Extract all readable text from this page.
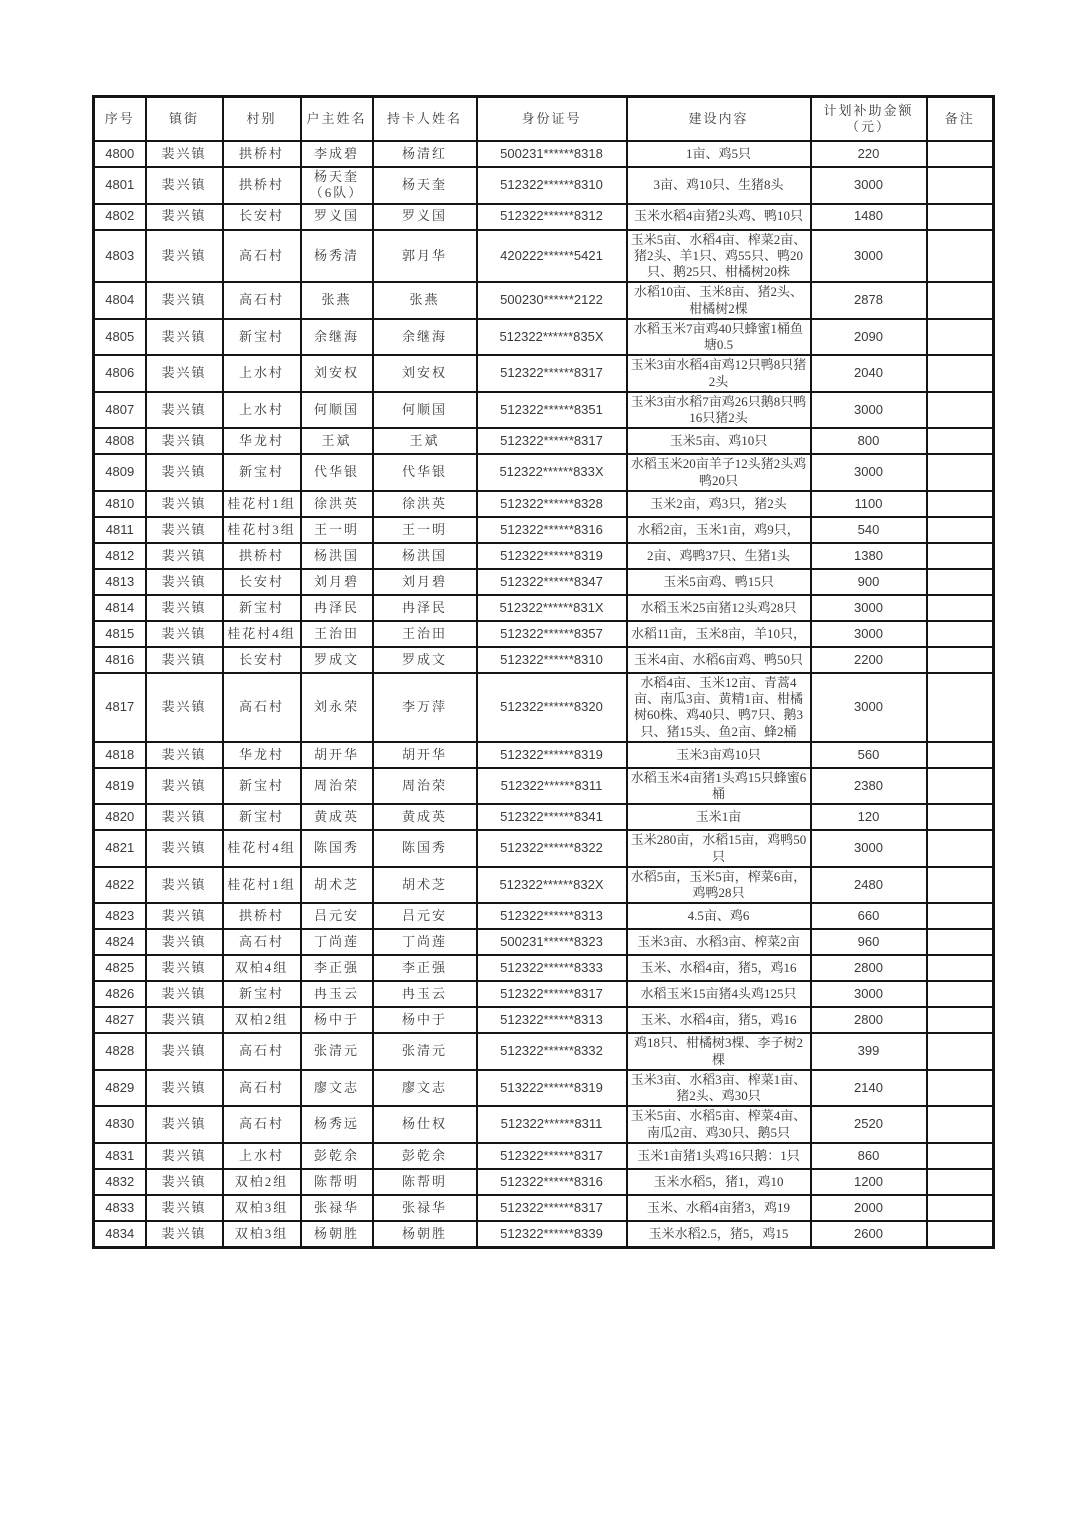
序号	镇街	村别	户主姓名	持卡人姓名	身份证号	建设内容	计划补助金额（元）	备注
4800	裴兴镇	拱桥村	李成碧	杨清红	500231******8318	1亩、鸡5只	220	
4801	裴兴镇	拱桥村	杨天奎（6队）	杨天奎	512322******8310	3亩、鸡10只、生猪8头	3000	
4802	裴兴镇	长安村	罗义国	罗义国	512322******8312	玉米水稻4亩猪2头鸡、鸭10只	1480	
4803	裴兴镇	高石村	杨秀清	郭月华	420222******5421	玉米5亩、水稻4亩、榨菜2亩、猪2头、羊1只、鸡55只、鸭20只、鹅25只、柑橘树20株	3000	
4804	裴兴镇	高石村	张燕	张燕	500230******2122	水稻10亩、玉米8亩、猪2头、柑橘树2棵	2878	
4805	裴兴镇	新宝村	余继海	余继海	512322******835X	水稻玉米7亩鸡40只蜂蜜1桶鱼塘0.5	2090	
4806	裴兴镇	上水村	刘安权	刘安权	512322******8317	玉米3亩水稻4亩鸡12只鸭8只猪2头	2040	
4807	裴兴镇	上水村	何顺国	何顺国	512322******8351	玉米3亩水稻7亩鸡26只鹅8只鸭16只猪2头	3000	
4808	裴兴镇	华龙村	王斌	王斌	512322******8317	玉米5亩、鸡10只	800	
4809	裴兴镇	新宝村	代华银	代华银	512322******833X	水稻玉米20亩羊子12头猪2头鸡鸭20只	3000	
4810	裴兴镇	桂花村1组	徐洪英	徐洪英	512322******8328	玉米2亩，鸡3只，猪2头	1100	
4811	裴兴镇	桂花村3组	王一明	王一明	512322******8316	水稻2亩，玉米1亩，鸡9只，	540	
4812	裴兴镇	拱桥村	杨洪国	杨洪国	512322******8319	2亩、鸡鸭37只、生猪1头	1380	
4813	裴兴镇	长安村	刘月碧	刘月碧	512322******8347	玉米5亩鸡、鸭15只	900	
4814	裴兴镇	新宝村	冉泽民	冉泽民	512322******831X	水稻玉米25亩猪12头鸡28只	3000	
4815	裴兴镇	桂花村4组	王治田	王治田	512322******8357	水稻11亩，玉米8亩，羊10只，	3000	
4816	裴兴镇	长安村	罗成文	罗成文	512322******8310	玉米4亩、水稻6亩鸡、鸭50只	2200	
4817	裴兴镇	高石村	刘永荣	李万萍	512322******8320	水稻4亩、玉米12亩、青蒿4亩、南瓜3亩、黄精1亩、柑橘树60株、鸡40只、鸭7只、鹅3只、猪15头、鱼2亩、蜂2桶	3000	
4818	裴兴镇	华龙村	胡开华	胡开华	512322******8319	玉米3亩鸡10只	560	
4819	裴兴镇	新宝村	周治荣	周治荣	512322******8311	水稻玉米4亩猪1头鸡15只蜂蜜6桶	2380	
4820	裴兴镇	新宝村	黄成英	黄成英	512322******8341	玉米1亩	120	
4821	裴兴镇	桂花村4组	陈国秀	陈国秀	512322******8322	玉米280亩，水稻15亩，鸡鸭50只	3000	
4822	裴兴镇	桂花村1组	胡术芝	胡术芝	512322******832X	水稻5亩，玉米5亩，榨菜6亩，鸡鸭28只	2480	
4823	裴兴镇	拱桥村	吕元安	吕元安	512322******8313	4.5亩、鸡6	660	
4824	裴兴镇	高石村	丁尚莲	丁尚莲	500231******8323	玉米3亩、水稻3亩、榨菜2亩	960	
4825	裴兴镇	双柏4组	李正强	李正强	512322******8333	玉米、水稻4亩，猪5，鸡16	2800	
4826	裴兴镇	新宝村	冉玉云	冉玉云	512322******8317	水稻玉米15亩猪4头鸡125只	3000	
4827	裴兴镇	双柏2组	杨中于	杨中于	512322******8313	玉米、水稻4亩，猪5，鸡16	2800	
4828	裴兴镇	高石村	张清元	张清元	512322******8332	鸡18只、柑橘树3棵、李子树2棵	399	
4829	裴兴镇	高石村	廖文志	廖文志	513222******8319	玉米3亩、水稻3亩、榨菜1亩、猪2头、鸡30只	2140	
4830	裴兴镇	高石村	杨秀远	杨仕权	512322******8311	玉米5亩、水稻5亩、榨菜4亩、南瓜2亩、鸡30只、鹅5只	2520	
4831	裴兴镇	上水村	彭乾余	彭乾余	512322******8317	玉米1亩猪1头鸡16只鹅：1只	860	
4832	裴兴镇	双柏2组	陈帮明	陈帮明	512322******8316	玉米水稻5，猪1，鸡10	1200	
4833	裴兴镇	双柏3组	张禄华	张禄华	512322******8317	玉米、水稻4亩猪3，鸡19	2000	
4834	裴兴镇	双柏3组	杨朝胜	杨朝胜	512322******8339	玉米水稻2.5，猪5，鸡15	2600	
